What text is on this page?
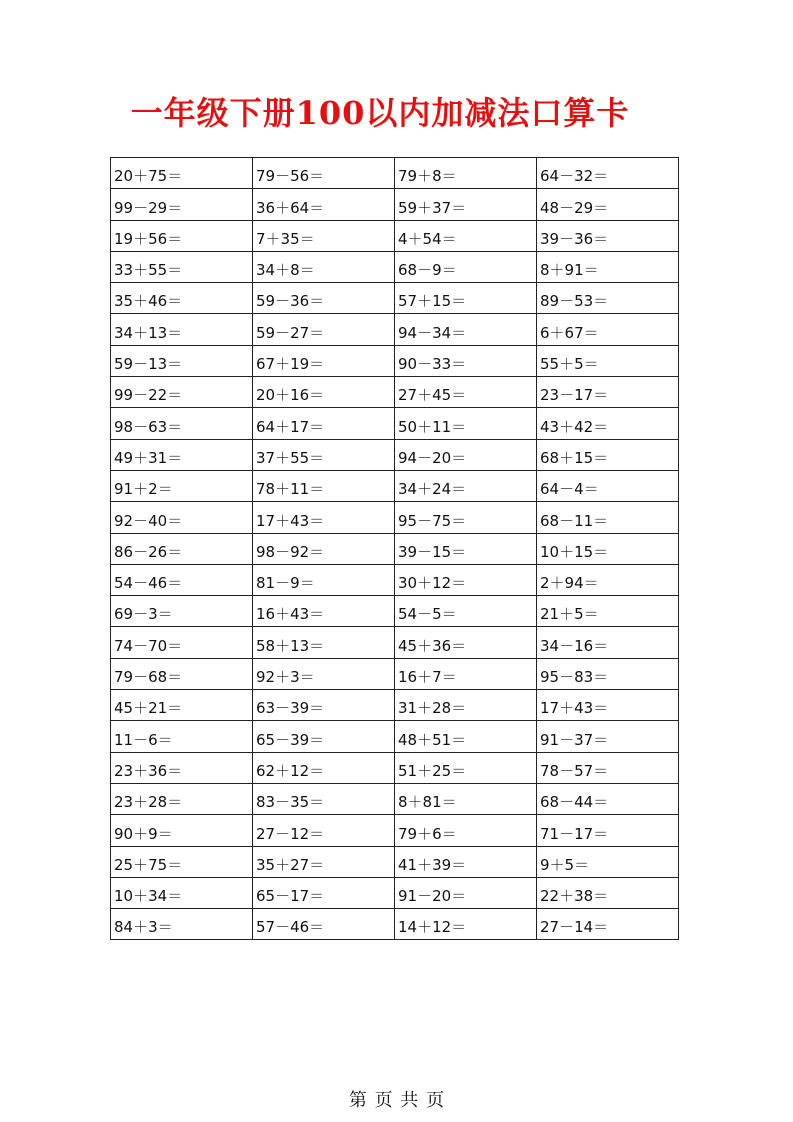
一年级下册100以内加减法口算卡
20＋75＝	79－56＝	79＋8＝	64－32＝
99－29＝	36＋64＝	59＋37＝	48－29＝
19＋56＝	7＋35＝	4＋54＝	39－36＝
33＋55＝	34＋8＝	68－9＝	8＋91＝
35＋46＝	59－36＝	57＋15＝	89－53＝
34＋13＝	59－27＝	94－34＝	6＋67＝
59－13＝	67＋19＝	90－33＝	55＋5＝
99－22＝	20＋16＝	27＋45＝	23－17＝
98－63＝	64＋17＝	50＋11＝	43＋42＝
49＋31＝	37＋55＝	94－20＝	68＋15＝
91＋2＝	78＋11＝	34＋24＝	64－4＝
92－40＝	17＋43＝	95－75＝	68－11＝
86－26＝	98－92＝	39－15＝	10＋15＝
54－46＝	81－9＝	30＋12＝	2＋94＝
69－3＝	16＋43＝	54－5＝	21＋5＝
74－70＝	58＋13＝	45＋36＝	34－16＝
79－68＝	92＋3＝	16＋7＝	95－83＝
45＋21＝	63－39＝	31＋28＝	17＋43＝
11－6＝	65－39＝	48＋51＝	91－37＝
23＋36＝	62＋12＝	51＋25＝	78－57＝
23＋28＝	83－35＝	8＋81＝	68－44＝
90＋9＝	27－12＝	79＋6＝	71－17＝
25＋75＝	35＋27＝	41＋39＝	9＋5＝
10＋34＝	65－17＝	91－20＝	22＋38＝
84＋3＝	57－46＝	14＋12＝	27－14＝
第 页 共 页
